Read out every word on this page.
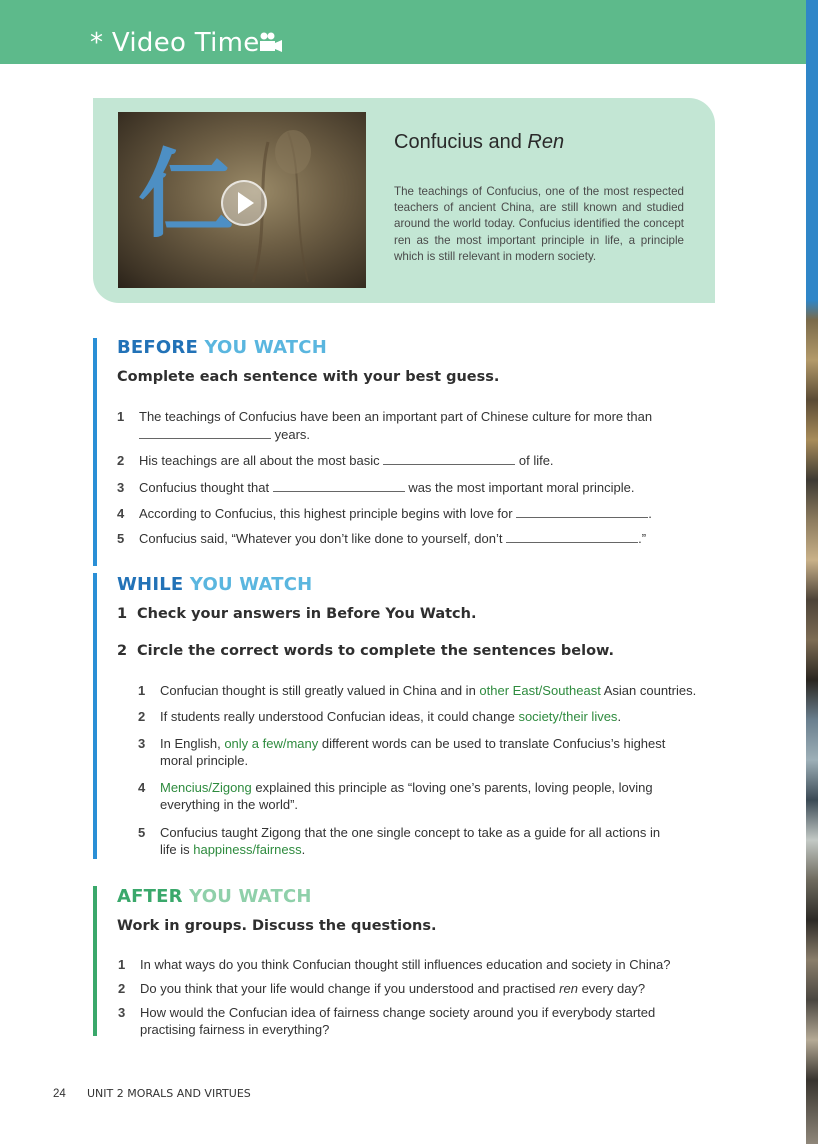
* Video Time
仁	Confucius and Ren
The teachings of Confucius, one of the most respected teachers of ancient China, are still known and studied around the world today. Confucius identified the concept ren as the most important principle in life, a principle which is still relevant in modern society.
BEFORE YOU WATCH
Complete each sentence with your best guess.
1 The teachings of Confucius have been an important part of Chinese culture for more than
years.
2 His teachings are all about the most basic	of life.
3 Confucius thought that	was the most important moral principle.
4 According to Confucius, this highest principle begins with love for	.
5 Confucius said, “Whatever you don’t like done to yourself, don’t	.”
WHILE YOU WATCH
1 Check your answers in Before You Watch.
2 Circle the correct words to complete the sentences below.
1 Confucian thought is still greatly valued in China and in other East/Southeast Asian countries.
2 If students really understood Confucian ideas, it could change society/their lives.
3 In English, only a few/many different words can be used to translate Confucius’s highest
moral principle.
4 Mencius/Zigong explained this principle as “loving one’s parents, loving people, loving
everything in the world”.
5 Confucius taught Zigong that the one single concept to take as a guide for all actions in
life is happiness/fairness.
AFTER YOU WATCH
Work in groups. Discuss the questions.
1 In what ways do you think Confucian thought still influences education and society in China?
2 Do you think that your life would change if you understood and practised ren every day?
3 How would the Confucian idea of fairness change society around you if everybody started
practising fairness in everything?
24 UNIT 2 MORALS AND VIRTUES
